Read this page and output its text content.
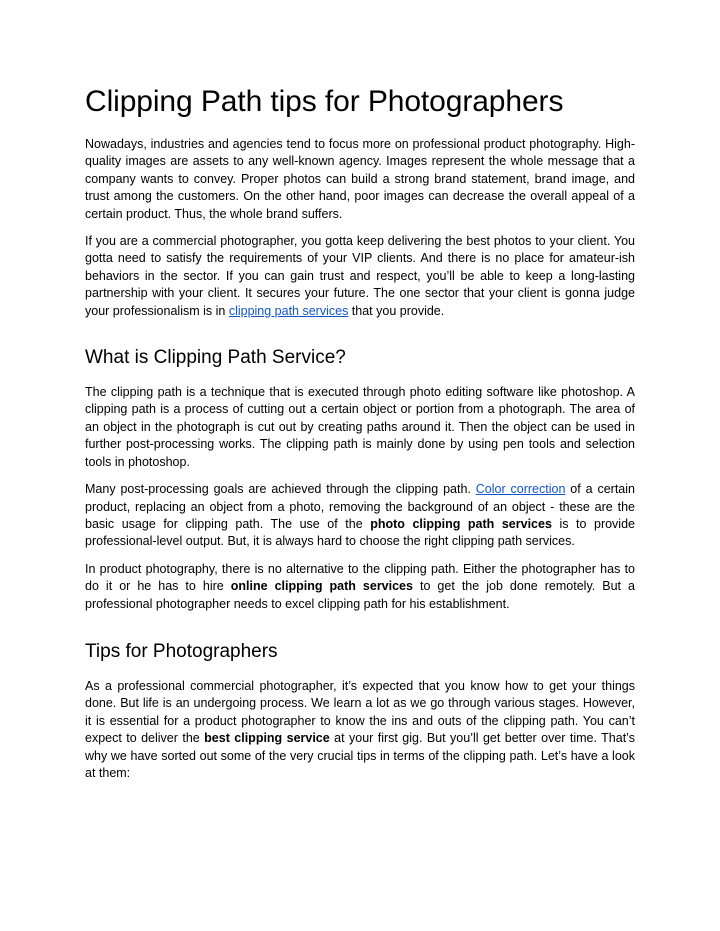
Clipping Path tips for Photographers

Nowadays, industries and agencies tend to focus more on professional product photography. High-quality images are assets to any well-known agency. Images represent the whole message that a company wants to convey. Proper photos can build a strong brand statement, brand image, and trust among the customers. On the other hand, poor images can decrease the overall appeal of a certain product. Thus, the whole brand suffers.

If you are a commercial photographer, you gotta keep delivering the best photos to your client. You gotta need to satisfy the requirements of your VIP clients. And there is no place for amateur-ish behaviors in the sector. If you can gain trust and respect, you’ll be able to keep a long-lasting partnership with your client. It secures your future. The one sector that your client is gonna judge your professionalism is in clipping path services that you provide.

What is Clipping Path Service?

The clipping path is a technique that is executed through photo editing software like photoshop. A clipping path is a process of cutting out a certain object or portion from a photograph. The area of an object in the photograph is cut out by creating paths around it. Then the object can be used in further post-processing works. The clipping path is mainly done by using pen tools and selection tools in photoshop.

Many post-processing goals are achieved through the clipping path. Color correction of a certain product, replacing an object from a photo, removing the background of an object - these are the basic usage for clipping path. The use of the photo clipping path services is to provide professional-level output. But, it is always hard to choose the right clipping path services.

In product photography, there is no alternative to the clipping path. Either the photographer has to do it or he has to hire online clipping path services to get the job done remotely. But a professional photographer needs to excel clipping path for his establishment.

Tips for Photographers

As a professional commercial photographer, it’s expected that you know how to get your things done. But life is an undergoing process. We learn a lot as we go through various stages. However, it is essential for a product photographer to know the ins and outs of the clipping path. You can’t expect to deliver the best clipping service at your first gig. But you’ll get better over time. That’s why we have sorted out some of the very crucial tips in terms of the clipping path. Let’s have a look at them:
